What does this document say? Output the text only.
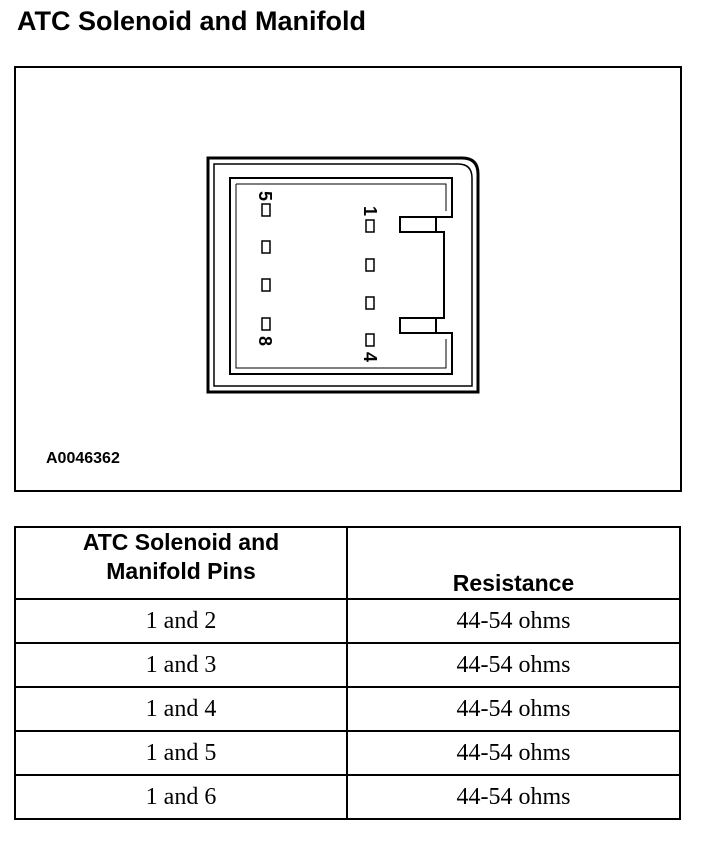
ATC Solenoid and Manifold
5
8
1
4
A0046362
ATC Solenoid and
Manifold Pins	Resistance
1 and 2	44-54 ohms
1 and 3	44-54 ohms
1 and 4	44-54 ohms
1 and 5	44-54 ohms
1 and 6	44-54 ohms
